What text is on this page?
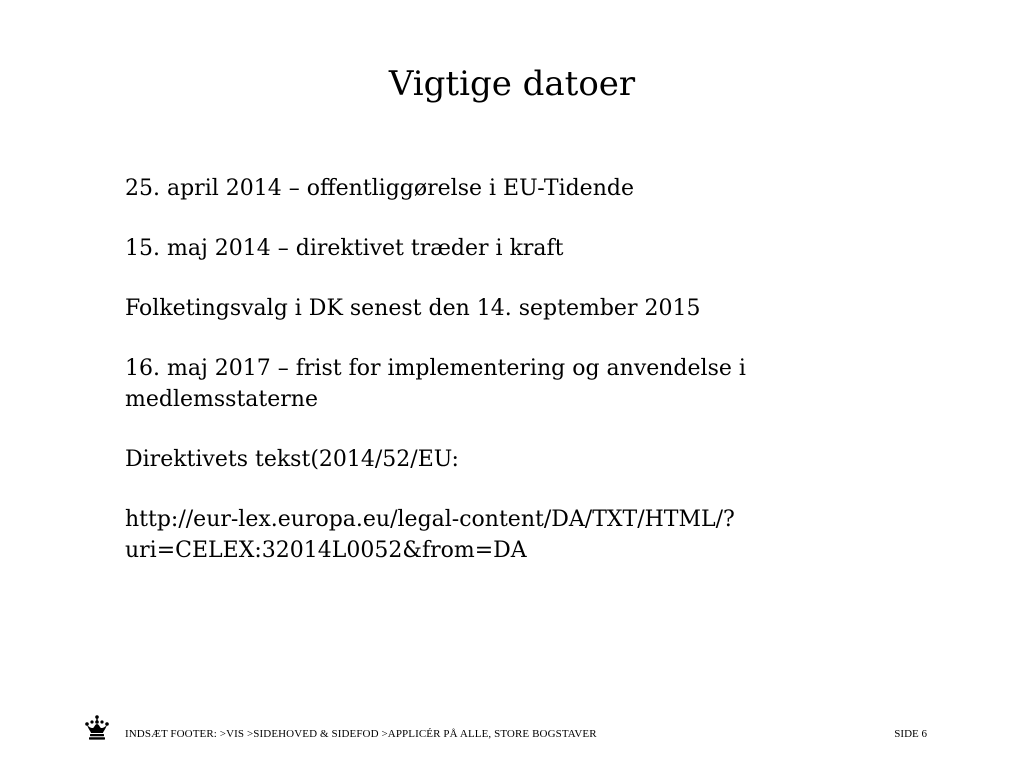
Vigtige datoer

25. april 2014 – offentliggørelse i EU-Tidende

15. maj 2014 – direktivet træder i kraft

Folketingsvalg i DK senest den 14. september 2015

16. maj 2017 – frist for implementering og anvendelse i medlemsstaterne

Direktivets tekst(2014/52/EU:

http://eur-lex.europa.eu/legal-content/DA/TXT/HTML/?uri=CELEX:32014L0052&from=DA

INDSÆT FOOTER: >VIS >SIDEHOVED & SIDEFOD >APPLICÉR PÅ ALLE, STORE BOGSTAVER	SIDE 6
